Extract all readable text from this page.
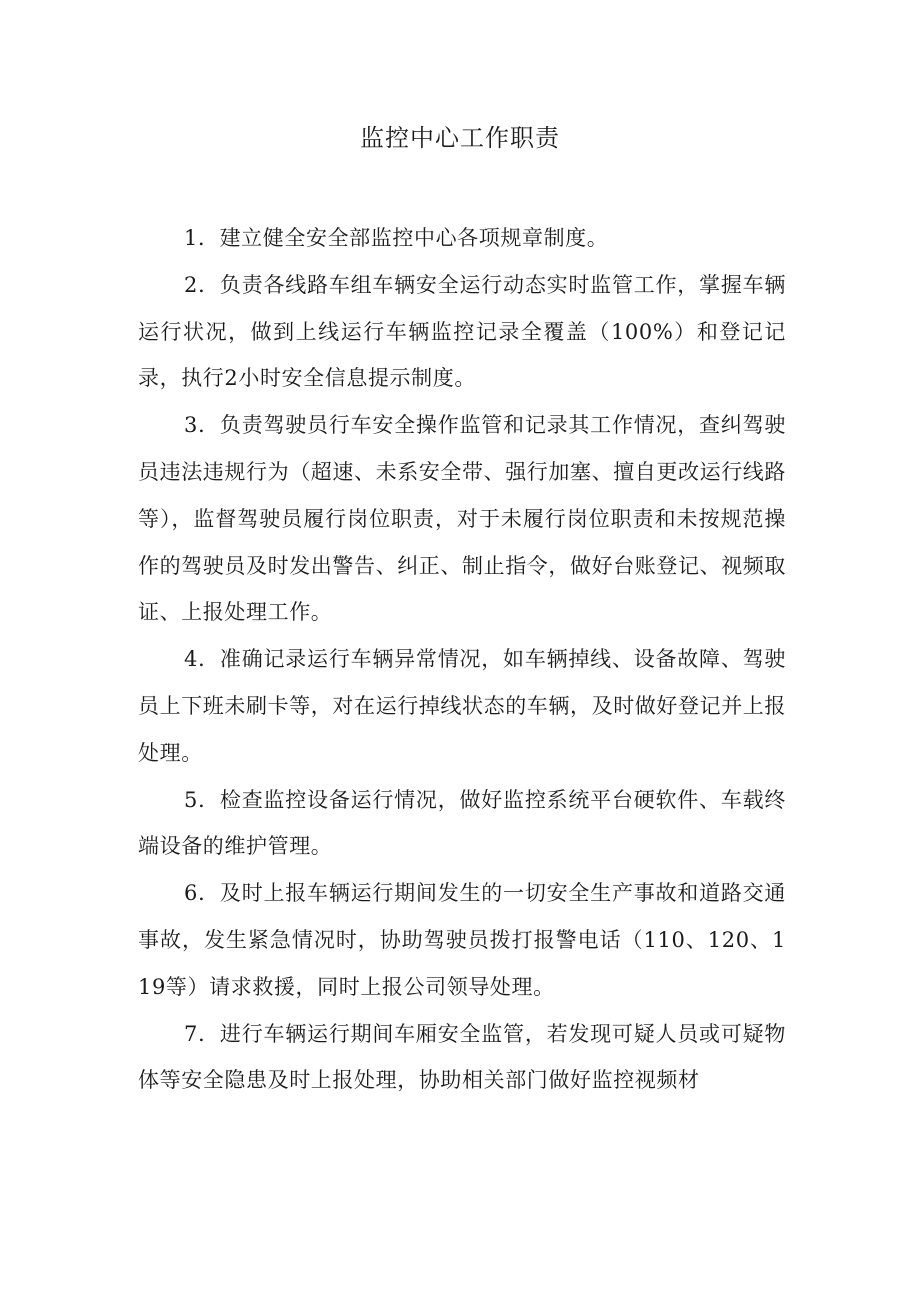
监控中心工作职责

1．建立健全安全部监控中心各项规章制度。

2．负责各线路车组车辆安全运行动态实时监管工作，掌握车辆运行状况，做到上线运行车辆监控记录全覆盖（100%）和登记记录，执行2小时安全信息提示制度。

3．负责驾驶员行车安全操作监管和记录其工作情况，查纠驾驶员违法违规行为（超速、未系安全带、强行加塞、擅自更改运行线路等），监督驾驶员履行岗位职责，对于未履行岗位职责和未按规范操作的驾驶员及时发出警告、纠正、制止指令，做好台账登记、视频取证、上报处理工作。

4．准确记录运行车辆异常情况，如车辆掉线、设备故障、驾驶员上下班未刷卡等，对在运行掉线状态的车辆，及时做好登记并上报处理。

5．检查监控设备运行情况，做好监控系统平台硬软件、车载终端设备的维护管理。

6．及时上报车辆运行期间发生的一切安全生产事故和道路交通事故，发生紧急情况时，协助驾驶员拨打报警电话（110、120、119等）请求救援，同时上报公司领导处理。

7．进行车辆运行期间车厢安全监管，若发现可疑人员或可疑物体等安全隐患及时上报处理，协助相关部门做好监控视频材
